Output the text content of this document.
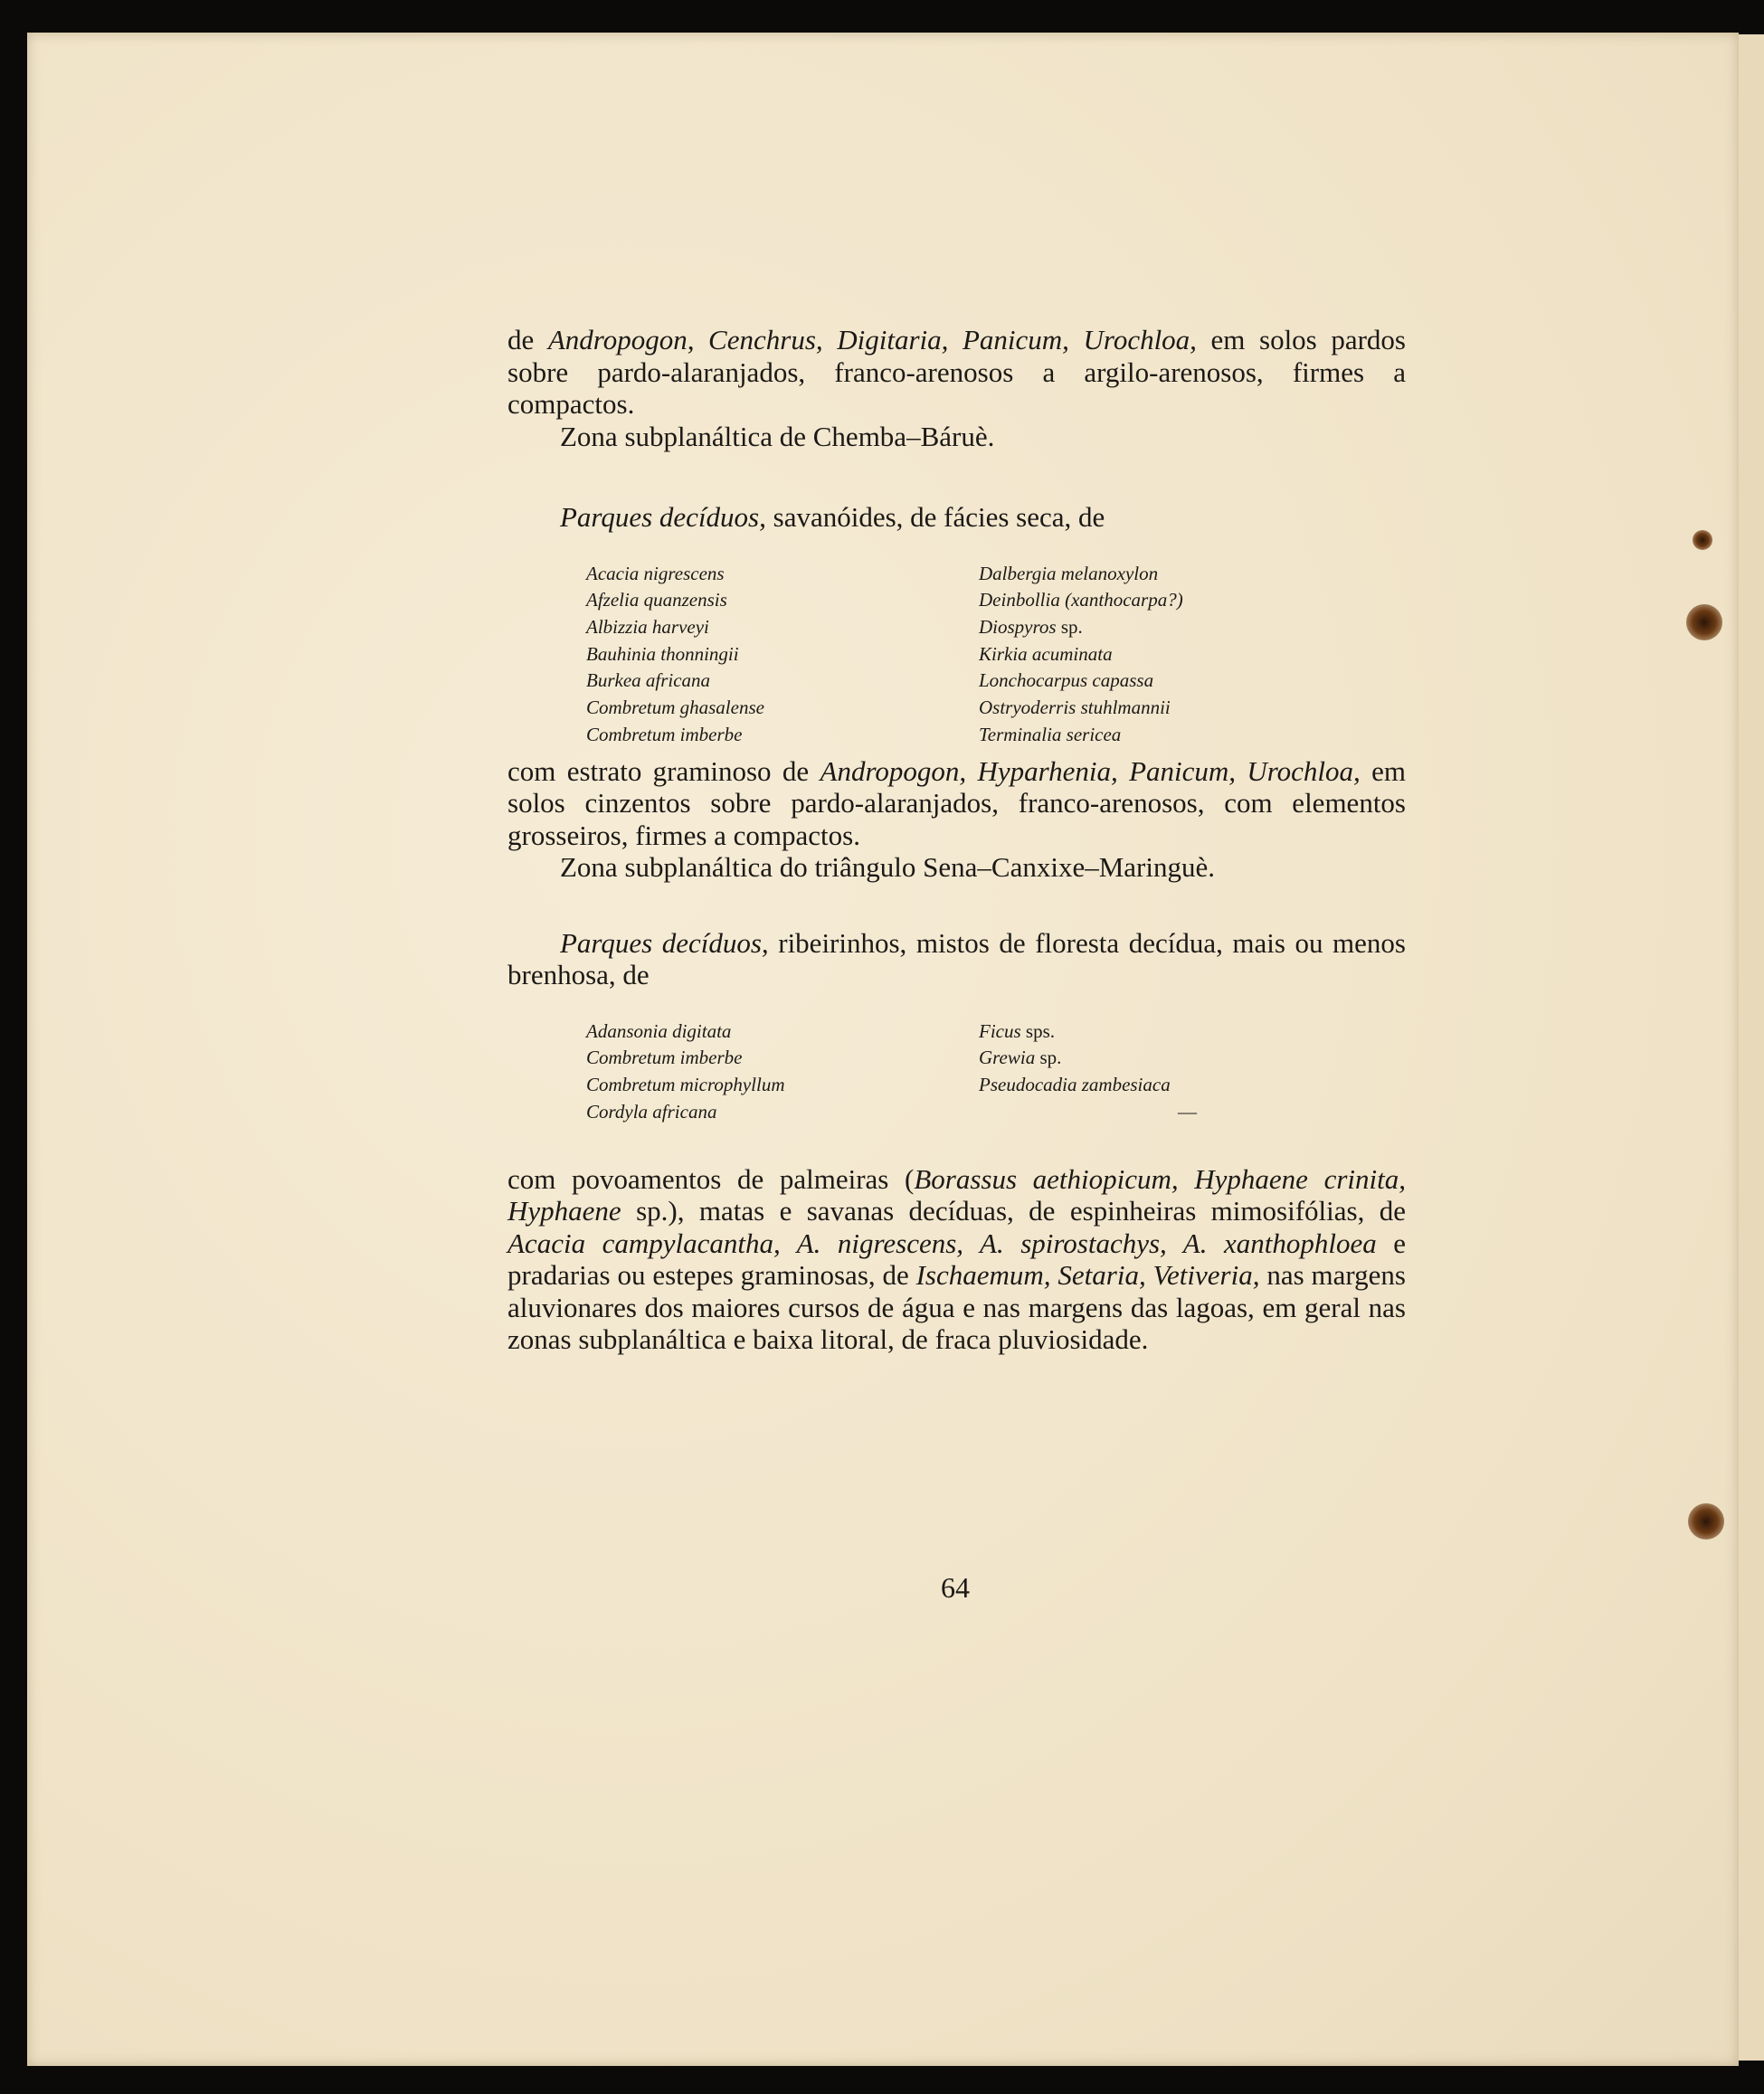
de Andropogon, Cenchrus, Digitaria, Panicum, Urochloa, em solos pardos sobre pardo-alaranjados, franco-arenosos a argilo-arenosos, firmes a compactos.

Zona subplanáltica de Chemba–Báruè.

Parques decíduos, savanóides, de fácies seca, de

Acacia nigrescens
Afzelia quanzensis
Albizzia harveyi
Bauhinia thonningii
Burkea africana
Combretum ghasalense
Combretum imberbe
Dalbergia melanoxylon
Deinbollia (xanthocarpa?)
Diospyros sp.
Kirkia acuminata
Lonchocarpus capassa
Ostryoderris stuhlmannii
Terminalia sericea

com estrato graminoso de Andropogon, Hyparhenia, Panicum, Urochloa, em solos cinzentos sobre pardo-alaranjados, franco-arenosos, com elementos grosseiros, firmes a compactos.

Zona subplanáltica do triângulo Sena–Canxixe–Maringuè.

Parques decíduos, ribeirinhos, mistos de floresta decídua, mais ou menos brenhosa, de

Adansonia digitata
Combretum imberbe
Combretum microphyllum
Cordyla africana
Ficus sps.
Grewia sp.
Pseudocadia zambesiaca
—

com povoamentos de palmeiras (Borassus aethiopicum, Hyphaene crinita, Hyphaene sp.), matas e savanas decíduas, de espinheiras mimosifólias, de Acacia campylacantha, A. nigrescens, A. spirostachys, A. xanthophloea e pradarias ou estepes graminosas, de Ischaemum, Setaria, Vetiveria, nas margens aluvionares dos maiores cursos de água e nas margens das lagoas, em geral nas zonas subplanáltica e baixa litoral, de fraca pluviosidade.

64
